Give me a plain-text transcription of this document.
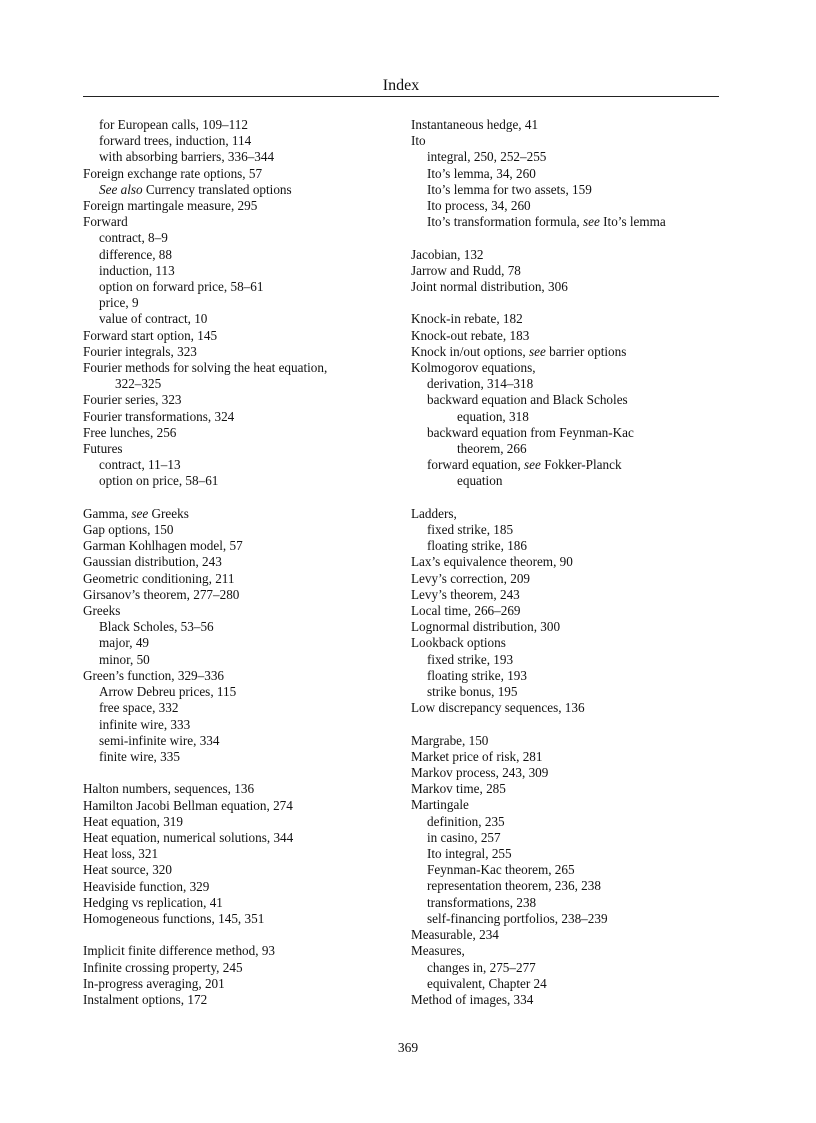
Index
for European calls, 109–112
forward trees, induction, 114
with absorbing barriers, 336–344
Foreign exchange rate options, 57
See also Currency translated options
Foreign martingale measure, 295
Forward
contract, 8–9
difference, 88
induction, 113
option on forward price, 58–61
price, 9
value of contract, 10
Forward start option, 145
Fourier integrals, 323
Fourier methods for solving the heat equation,
322–325
Fourier series, 323
Fourier transformations, 324
Free lunches, 256
Futures
contract, 11–13
option on price, 58–61
Gamma, see Greeks
Gap options, 150
Garman Kohlhagen model, 57
Gaussian distribution, 243
Geometric conditioning, 211
Girsanov’s theorem, 277–280
Greeks
Black Scholes, 53–56
major, 49
minor, 50
Green’s function, 329–336
Arrow Debreu prices, 115
free space, 332
infinite wire, 333
semi-infinite wire, 334
finite wire, 335
Halton numbers, sequences, 136
Hamilton Jacobi Bellman equation, 274
Heat equation, 319
Heat equation, numerical solutions, 344
Heat loss, 321
Heat source, 320
Heaviside function, 329
Hedging vs replication, 41
Homogeneous functions, 145, 351
Implicit finite difference method, 93
Infinite crossing property, 245
In-progress averaging, 201
Instalment options, 172
Instantaneous hedge, 41
Ito
integral, 250, 252–255
Ito’s lemma, 34, 260
Ito’s lemma for two assets, 159
Ito process, 34, 260
Ito’s transformation formula, see Ito’s lemma
Jacobian, 132
Jarrow and Rudd, 78
Joint normal distribution, 306
Knock-in rebate, 182
Knock-out rebate, 183
Knock in/out options, see barrier options
Kolmogorov equations,
derivation, 314–318
backward equation and Black Scholes
equation, 318
backward equation from Feynman-Kac
theorem, 266
forward equation, see Fokker-Planck
equation
Ladders,
fixed strike, 185
floating strike, 186
Lax’s equivalence theorem, 90
Levy’s correction, 209
Levy’s theorem, 243
Local time, 266–269
Lognormal distribution, 300
Lookback options
fixed strike, 193
floating strike, 193
strike bonus, 195
Low discrepancy sequences, 136
Margrabe, 150
Market price of risk, 281
Markov process, 243, 309
Markov time, 285
Martingale
definition, 235
in casino, 257
Ito integral, 255
Feynman-Kac theorem, 265
representation theorem, 236, 238
transformations, 238
self-financing portfolios, 238–239
Measurable, 234
Measures,
changes in, 275–277
equivalent, Chapter 24
Method of images, 334
369
